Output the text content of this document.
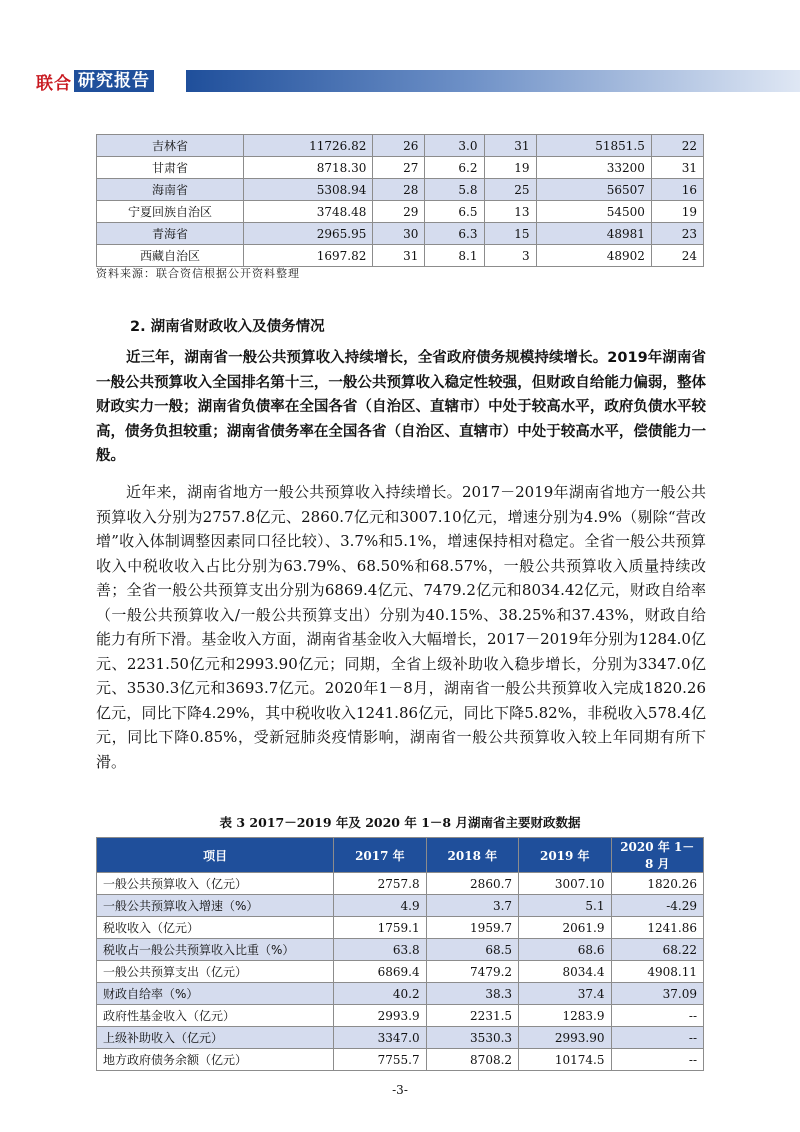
联合 研究报告
吉林省	11726.82	26	3.0	31	51851.5	22
甘肃省	8718.30	27	6.2	19	33200	31
海南省	5308.94	28	5.8	25	56507	16
宁夏回族自治区	3748.48	29	6.5	13	54500	19
青海省	2965.95	30	6.3	15	48981	23
西藏自治区	1697.82	31	8.1	3	48902	24
资料来源：联合资信根据公开资料整理
2. 湖南省财政收入及债务情况

近三年，湖南省一般公共预算收入持续增长，全省政府债务规模持续增长。2019年湖南省一般公共预算收入全国排名第十三，一般公共预算收入稳定性较强，但财政自给能力偏弱，整体财政实力一般；湖南省负债率在全国各省（自治区、直辖市）中处于较高水平，政府负债水平较高，债务负担较重；湖南省债务率在全国各省（自治区、直辖市）中处于较高水平，偿债能力一般。

近年来，湖南省地方一般公共预算收入持续增长。2017－2019年湖南省地方一般公共预算收入分别为2757.8亿元、2860.7亿元和3007.10亿元，增速分别为4.9%（剔除“营改增”收入体制调整因素同口径比较）、3.7%和5.1%，增速保持相对稳定。全省一般公共预算收入中税收收入占比分别为63.79%、68.50%和68.57%，一般公共预算收入质量持续改善；全省一般公共预算支出分别为6869.4亿元、7479.2亿元和8034.42亿元，财政自给率（一般公共预算收入/一般公共预算支出）分别为40.15%、38.25%和37.43%，财政自给能力有所下滑。基金收入方面，湖南省基金收入大幅增长，2017－2019年分别为1284.0亿元、2231.50亿元和2993.90亿元；同期，全省上级补助收入稳步增长，分别为3347.0亿元、3530.3亿元和3693.7亿元。2020年1－8月，湖南省一般公共预算收入完成1820.26亿元，同比下降4.29%，其中税收收入1241.86亿元，同比下降5.82%，非税收入578.4亿元，同比下降0.85%，受新冠肺炎疫情影响，湖南省一般公共预算收入较上年同期有所下滑。

表 3 2017－2019 年及 2020 年 1－8 月湖南省主要财政数据
项目	2017 年	2018 年	2019 年	2020 年 1－8 月
一般公共预算收入（亿元）	2757.8	2860.7	3007.10	1820.26
一般公共预算收入增速（%）	4.9	3.7	5.1	-4.29
税收收入（亿元）	1759.1	1959.7	2061.9	1241.86
税收占一般公共预算收入比重（%）	63.8	68.5	68.6	68.22
一般公共预算支出（亿元）	6869.4	7479.2	8034.4	4908.11
财政自给率（%）	40.2	38.3	37.4	37.09
政府性基金收入（亿元）	2993.9	2231.5	1283.9	--
上级补助收入（亿元）	3347.0	3530.3	2993.90	--
地方政府债务余额（亿元）	7755.7	8708.2	10174.5	--
-3-
